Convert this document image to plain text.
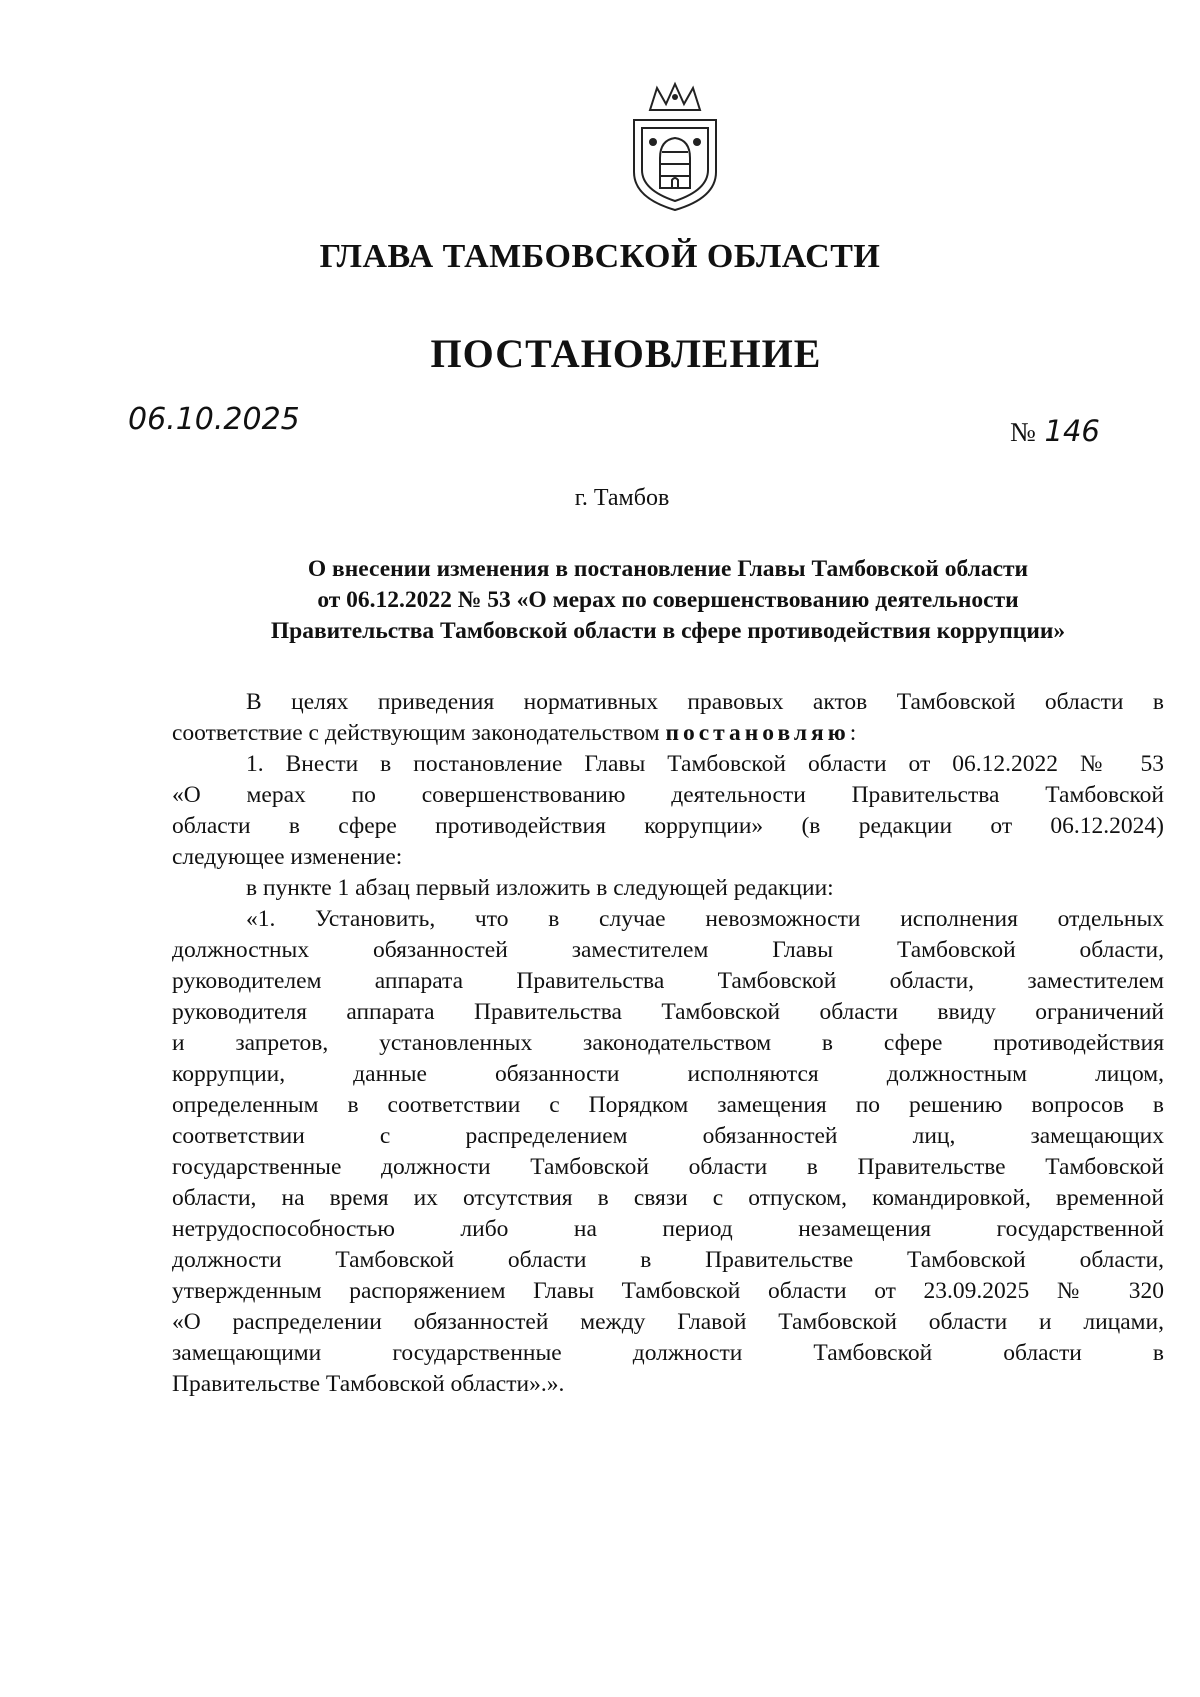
ГЛАВА ТАМБОВСКОЙ ОБЛАСТИ
ПОСТАНОВЛЕНИЕ
06.10.2025	№ 146
г. Тамбов
О внесении изменения в постановление Главы Тамбовской области
от 06.12.2022 № 53 «О мерах по совершенствованию деятельности
Правительства Тамбовской области в сфере противодействия коррупции»
В целях приведения нормативных правовых актов Тамбовской области в
соответствие с действующим законодательством постановляю:
1. Внести в постановление Главы Тамбовской области от 06.12.2022 № 53
«О мерах по совершенствованию деятельности Правительства Тамбовской
области в сфере противодействия коррупции» (в редакции от 06.12.2024)
следующее изменение:
в пункте 1 абзац первый изложить в следующей редакции:
«1. Установить, что в случае невозможности исполнения отдельных
должностных обязанностей заместителем Главы Тамбовской области,
руководителем аппарата Правительства Тамбовской области, заместителем
руководителя аппарата Правительства Тамбовской области ввиду ограничений
и запретов, установленных законодательством в сфере противодействия
коррупции, данные обязанности исполняются должностным лицом,
определенным в соответствии с Порядком замещения по решению вопросов в
соответствии с распределением обязанностей лиц, замещающих
государственные должности Тамбовской области в Правительстве Тамбовской
области, на время их отсутствия в связи с отпуском, командировкой, временной
нетрудоспособностью либо на период незамещения государственной
должности Тамбовской области в Правительстве Тамбовской области,
утвержденным распоряжением Главы Тамбовской области от 23.09.2025 № 320
«О распределении обязанностей между Главой Тамбовской области и лицами,
замещающими государственные должности Тамбовской области в
Правительстве Тамбовской области».».
